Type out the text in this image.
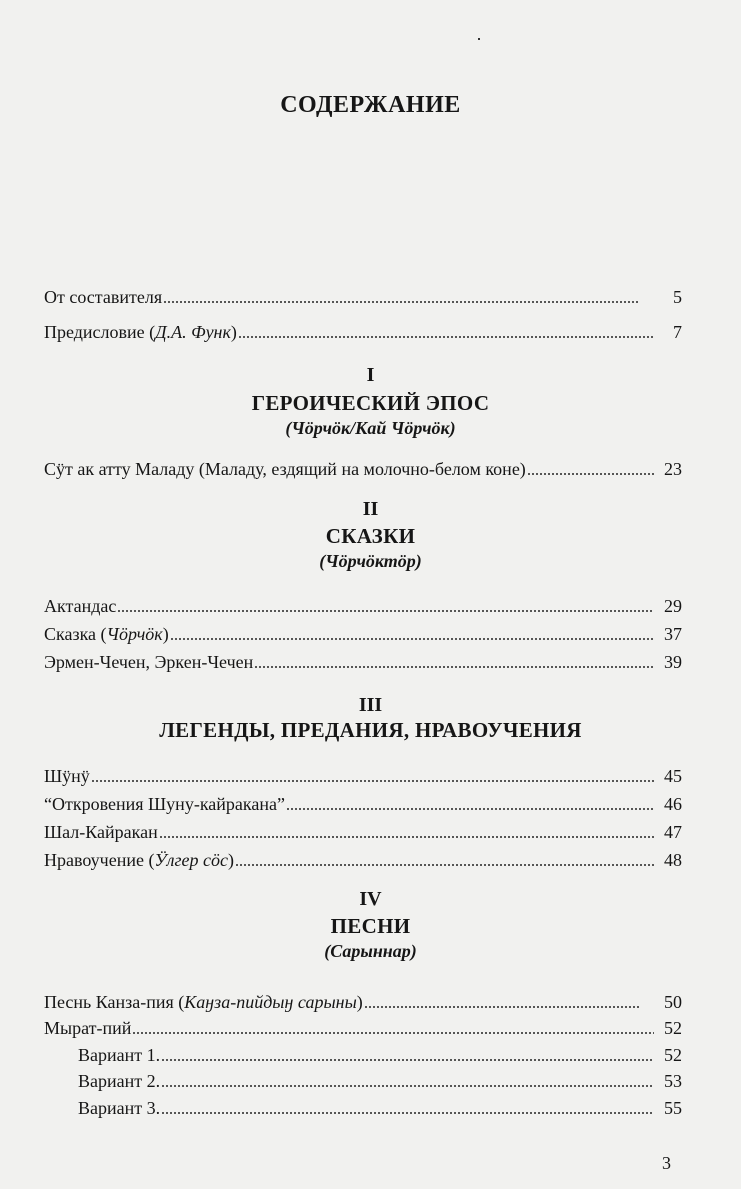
СОДЕРЖАНИЕ
От составителя	5
Предисловие (Д.А. Функ)	7
I
ГЕРОИЧЕСКИЙ ЭПОС
(Чӧрчӧк/Кай Чӧрчӧк)
Сӱт ак атту Маладу (Маладу, ездящий на молочно-белом коне)	23
II
СКАЗКИ
(Чӧрчӧктӧр)
Актандас	29
Сказка (Чӧрчӧк)	37
Эрмен-Чечен, Эркен-Чечен	39
III
ЛЕГЕНДЫ, ПРЕДАНИЯ, НРАВОУЧЕНИЯ
Шӱнӱ	45
“Откровения Шуну-кайракана”	46
Шал-Кайракан	47
Нравоучение (Ӱлгер сӧс)	48
IV
ПЕСНИ
(Сарыннар)
Песнь Канза-пия (Каӈза-пийдыӈ сарыны)	50
Мырат-пий	52
Вариант 1.	52
Вариант 2.	53
Вариант 3.	55
3
